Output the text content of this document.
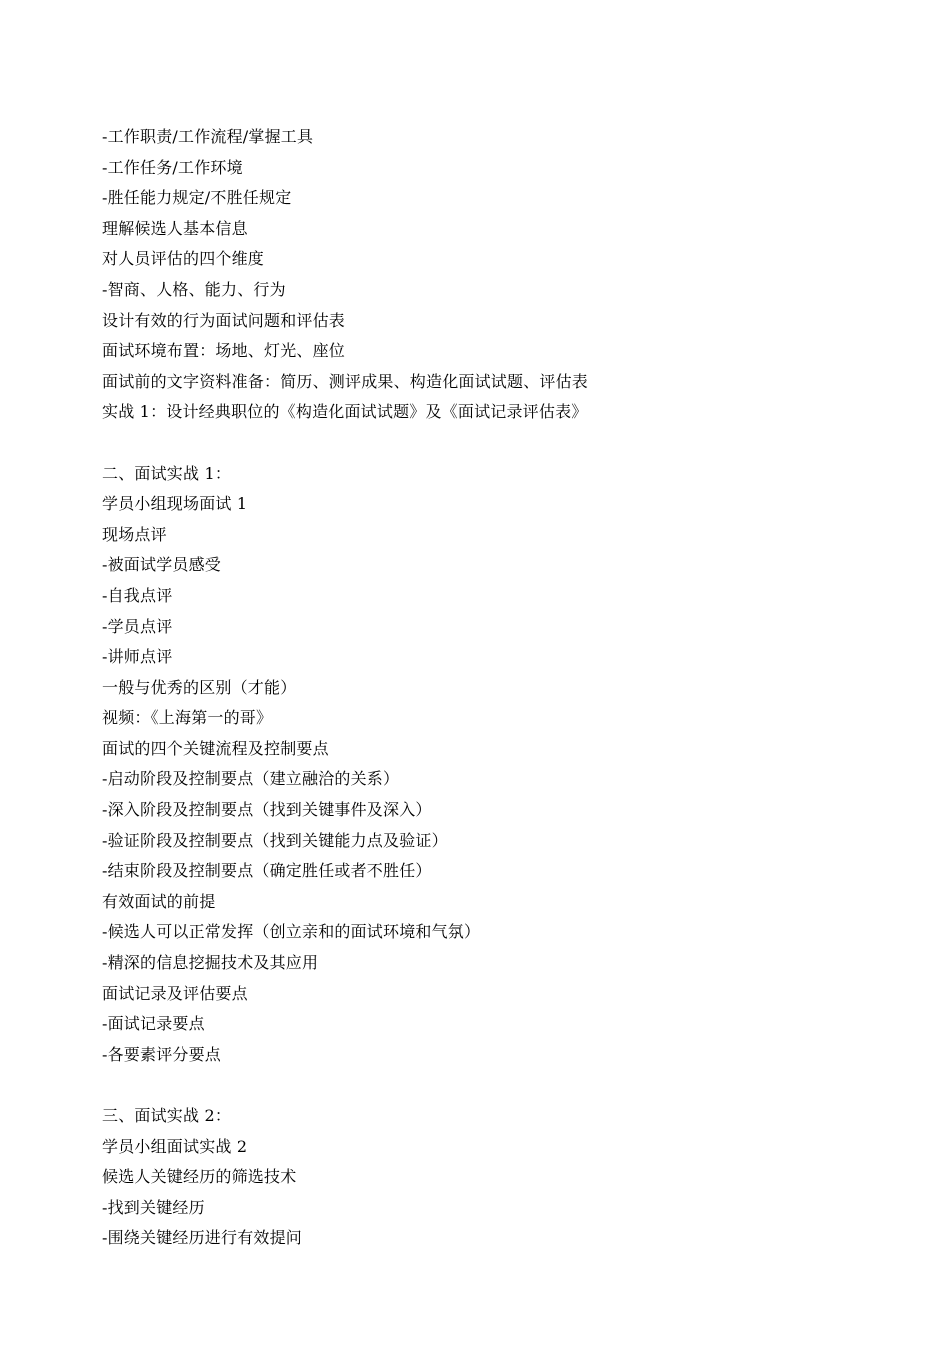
-工作职责/工作流程/掌握工具
-工作任务/工作环境
-胜任能力规定/不胜任规定
理解候选人基本信息
对人员评估的四个维度
-智商、人格、能力、行为
设计有效的行为面试问题和评估表
面试环境布置：场地、灯光、座位
面试前的文字资料准备：简历、测评成果、构造化面试试题、评估表
实战 1：设计经典职位的《构造化面试试题》及《面试记录评估表》
二、面试实战 1：
学员小组现场面试 1
现场点评
-被面试学员感受
-自我点评
-学员点评
-讲师点评
一般与优秀的区别（才能）
视频：《上海第一的哥》
面试的四个关键流程及控制要点
-启动阶段及控制要点（建立融洽的关系）
-深入阶段及控制要点（找到关键事件及深入）
-验证阶段及控制要点（找到关键能力点及验证）
-结束阶段及控制要点（确定胜任或者不胜任）
有效面试的前提
-候选人可以正常发挥（创立亲和的面试环境和气氛）
-精深的信息挖掘技术及其应用
面试记录及评估要点
-面试记录要点
-各要素评分要点
三、面试实战 2：
学员小组面试实战 2
候选人关键经历的筛选技术
-找到关键经历
-围绕关键经历进行有效提问
